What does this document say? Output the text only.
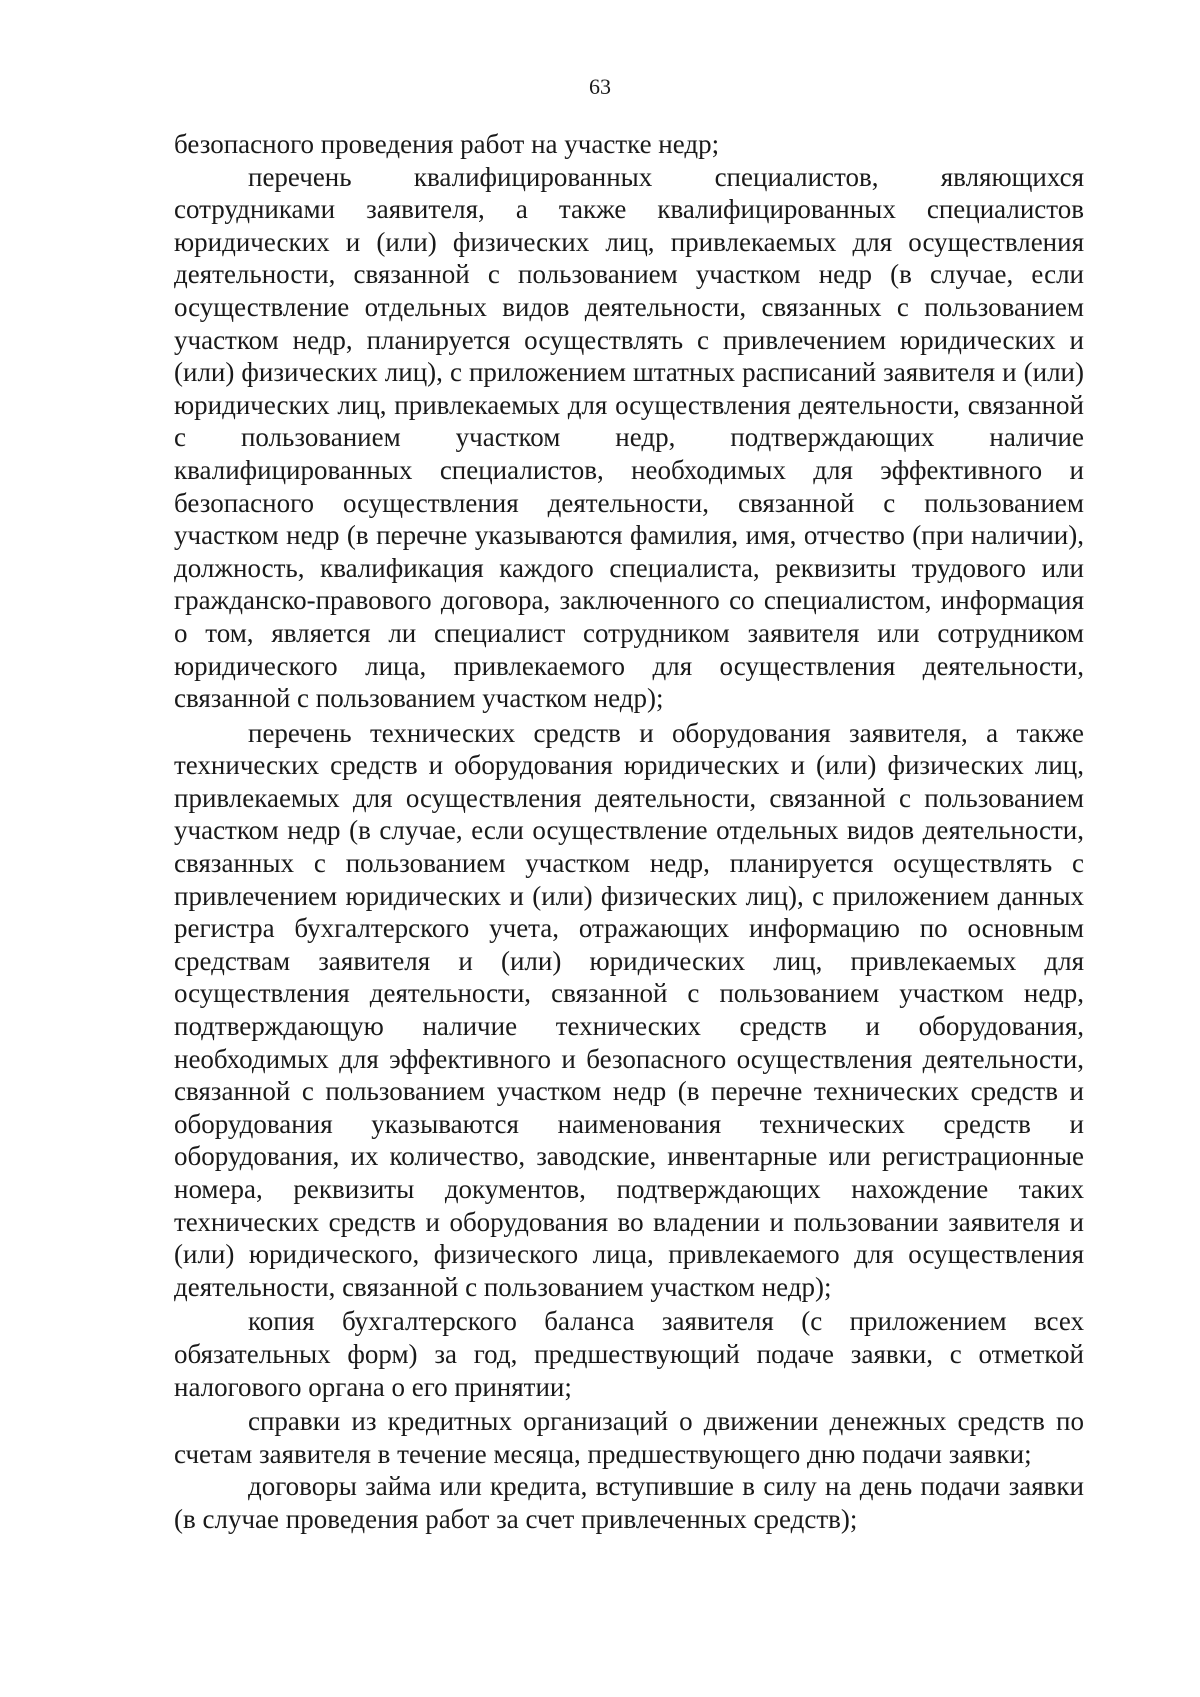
63

безопасного проведения работ на участке недр;

перечень квалифицированных специалистов, являющихся сотрудниками заявителя, а также квалифицированных специалистов юридических и (или) физических лиц, привлекаемых для осуществления деятельности, связанной с пользованием участком недр (в случае, если осуществление отдельных видов деятельности, связанных с пользованием участком недр, планируется осуществлять с привлечением юридических и (или) физических лиц), с приложением штатных расписаний заявителя и (или) юридических лиц, привлекаемых для осуществления деятельности, связанной с пользованием участком недр, подтверждающих наличие квалифицированных специалистов, необходимых для эффективного и безопасного осуществления деятельности, связанной с пользованием участком недр (в перечне указываются фамилия, имя, отчество (при наличии), должность, квалификация каждого специалиста, реквизиты трудового или гражданско-правового договора, заключенного со специалистом, информация о том, является ли специалист сотрудником заявителя или сотрудником юридического лица, привлекаемого для осуществления деятельности, связанной с пользованием участком недр);

перечень технических средств и оборудования заявителя, а также технических средств и оборудования юридических и (или) физических лиц, привлекаемых для осуществления деятельности, связанной с пользованием участком недр (в случае, если осуществление отдельных видов деятельности, связанных с пользованием участком недр, планируется осуществлять с привлечением юридических и (или) физических лиц), с приложением данных регистра бухгалтерского учета, отражающих информацию по основным средствам заявителя и (или) юридических лиц, привлекаемых для осуществления деятельности, связанной с пользованием участком недр, подтверждающую наличие технических средств и оборудования, необходимых для эффективного и безопасного осуществления деятельности, связанной с пользованием участком недр (в перечне технических средств и оборудования указываются наименования технических средств и оборудования, их количество, заводские, инвентарные или регистрационные номера, реквизиты документов, подтверждающих нахождение таких технических средств и оборудования во владении и пользовании заявителя и (или) юридического, физического лица, привлекаемого для осуществления деятельности, связанной с пользованием участком недр);

копия бухгалтерского баланса заявителя (с приложением всех обязательных форм) за год, предшествующий подаче заявки, с отметкой налогового органа о его принятии;

справки из кредитных организаций о движении денежных средств по счетам заявителя в течение месяца, предшествующего дню подачи заявки;

договоры займа или кредита, вступившие в силу на день подачи заявки (в случае проведения работ за счет привлеченных средств);
